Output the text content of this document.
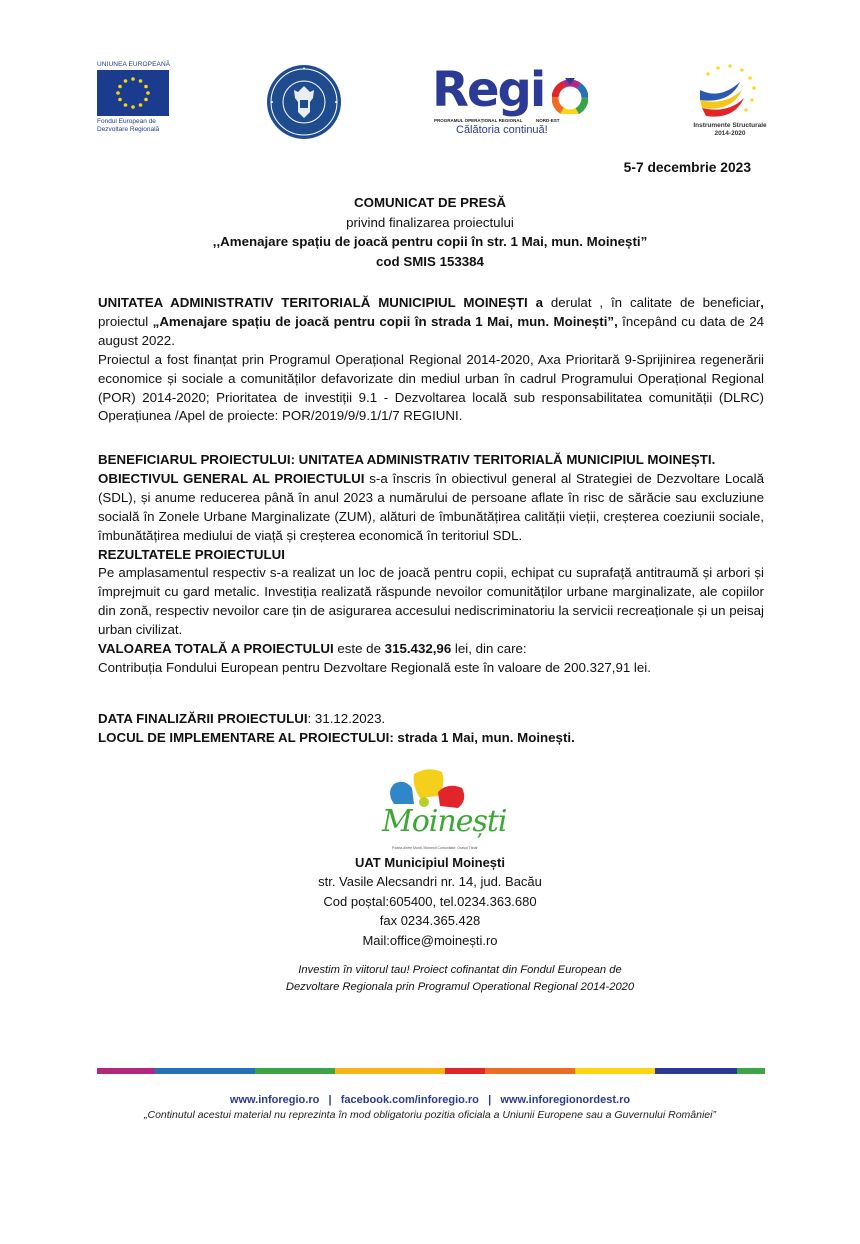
UNIUNEA EUROPEANĂ
Fondul European de
Dezvoltare Regională
Regi
PROGRAMUL OPERAȚIONAL REGIONAL	NORD-EST
Călătoria continuă!	Instrumente Structurale
2014-2020
5-7 decembrie 2023
COMUNICAT DE PRESĂ
privind finalizarea proiectului
,,Amenajare spațiu de joacă pentru copii în str. 1 Mai, mun. Moinești”
cod SMIS 153384
UNITATEA ADMINISTRATIV TERITORIALĂ MUNICIPIUL MOINEȘTI a derulat , în calitate de beneficiar, proiectul „Amenajare spațiu de joacă pentru copii în strada 1 Mai, mun. Moinești”, începând cu data de 24 august 2022.
Proiectul a fost finanțat prin Programul Operațional Regional 2014-2020, Axa Prioritară 9-Sprijinirea regenerării economice și sociale a comunităților defavorizate din mediul urban în cadrul Programului Operațional Regional (POR) 2014-2020; Prioritatea de investiții 9.1 - Dezvoltarea locală sub responsabilitatea comunității (DLRC) Operațiunea /Apel de proiecte: POR/2019/9/9.1/1/7 REGIUNI.
BENEFICIARUL PROIECTULUI: UNITATEA ADMINISTRATIV TERITORIALĂ MUNICIPIUL MOINEȘTI.
OBIECTIVUL GENERAL AL PROIECTULUI s-a înscris în obiectivul general al Strategiei de Dezvoltare Locală (SDL), și anume reducerea până în anul 2023 a numărului de persoane aflate în risc de sărăcie sau excluziune socială în Zonele Urbane Marginalizate (ZUM), alături de îmbunătățirea calității vieții, creșterea coeziunii sociale, îmbunătățirea mediului de viață și creșterea economică în teritoriul SDL.
REZULTATELE PROIECTULUI
Pe amplasamentul respectiv s-a realizat un loc de joacă pentru copii, echipat cu suprafață antitraumă și arbori și împrejmuit cu gard metalic. Investiția realizată răspunde nevoilor comunităților urbane marginalizate, ale copiilor din zonă, respectiv nevoilor care țin de asigurarea accesului nediscriminatoriu la servicii recreaționale și un peisaj urban civilizat.
VALOAREA TOTALĂ A PROIECTULUI este de 315.432,96 lei, din care:
Contribuția Fondului European pentru Dezvoltare Regională este în valoare de 200.327,91 lei.
DATA FINALIZĂRII PROIECTULUI: 31.12.2023.
LOCUL DE IMPLEMENTARE AL PROIECTULUI: strada 1 Mai, mun. Moinești.
Moinești
Poarta dintre Munți, Moinești Comunitate, Orașul Tânăr
UAT Municipiul Moinești
str. Vasile Alecsandri nr. 14, jud. Bacău
Cod poștal:605400, tel.0234.363.680
fax 0234.365.428
Mail:office@moinești.ro
Investim în viitorul tau! Proiect cofinantat din Fondul European de
Dezvoltare Regionala prin Programul Operational Regional 2014-2020
www.inforegio.ro | facebook.com/inforegio.ro | www.inforegionordest.ro
„Continutul acestui material nu reprezinta în mod obligatoriu pozitia oficiala a Uniunii Europene sau a Guvernului României”
